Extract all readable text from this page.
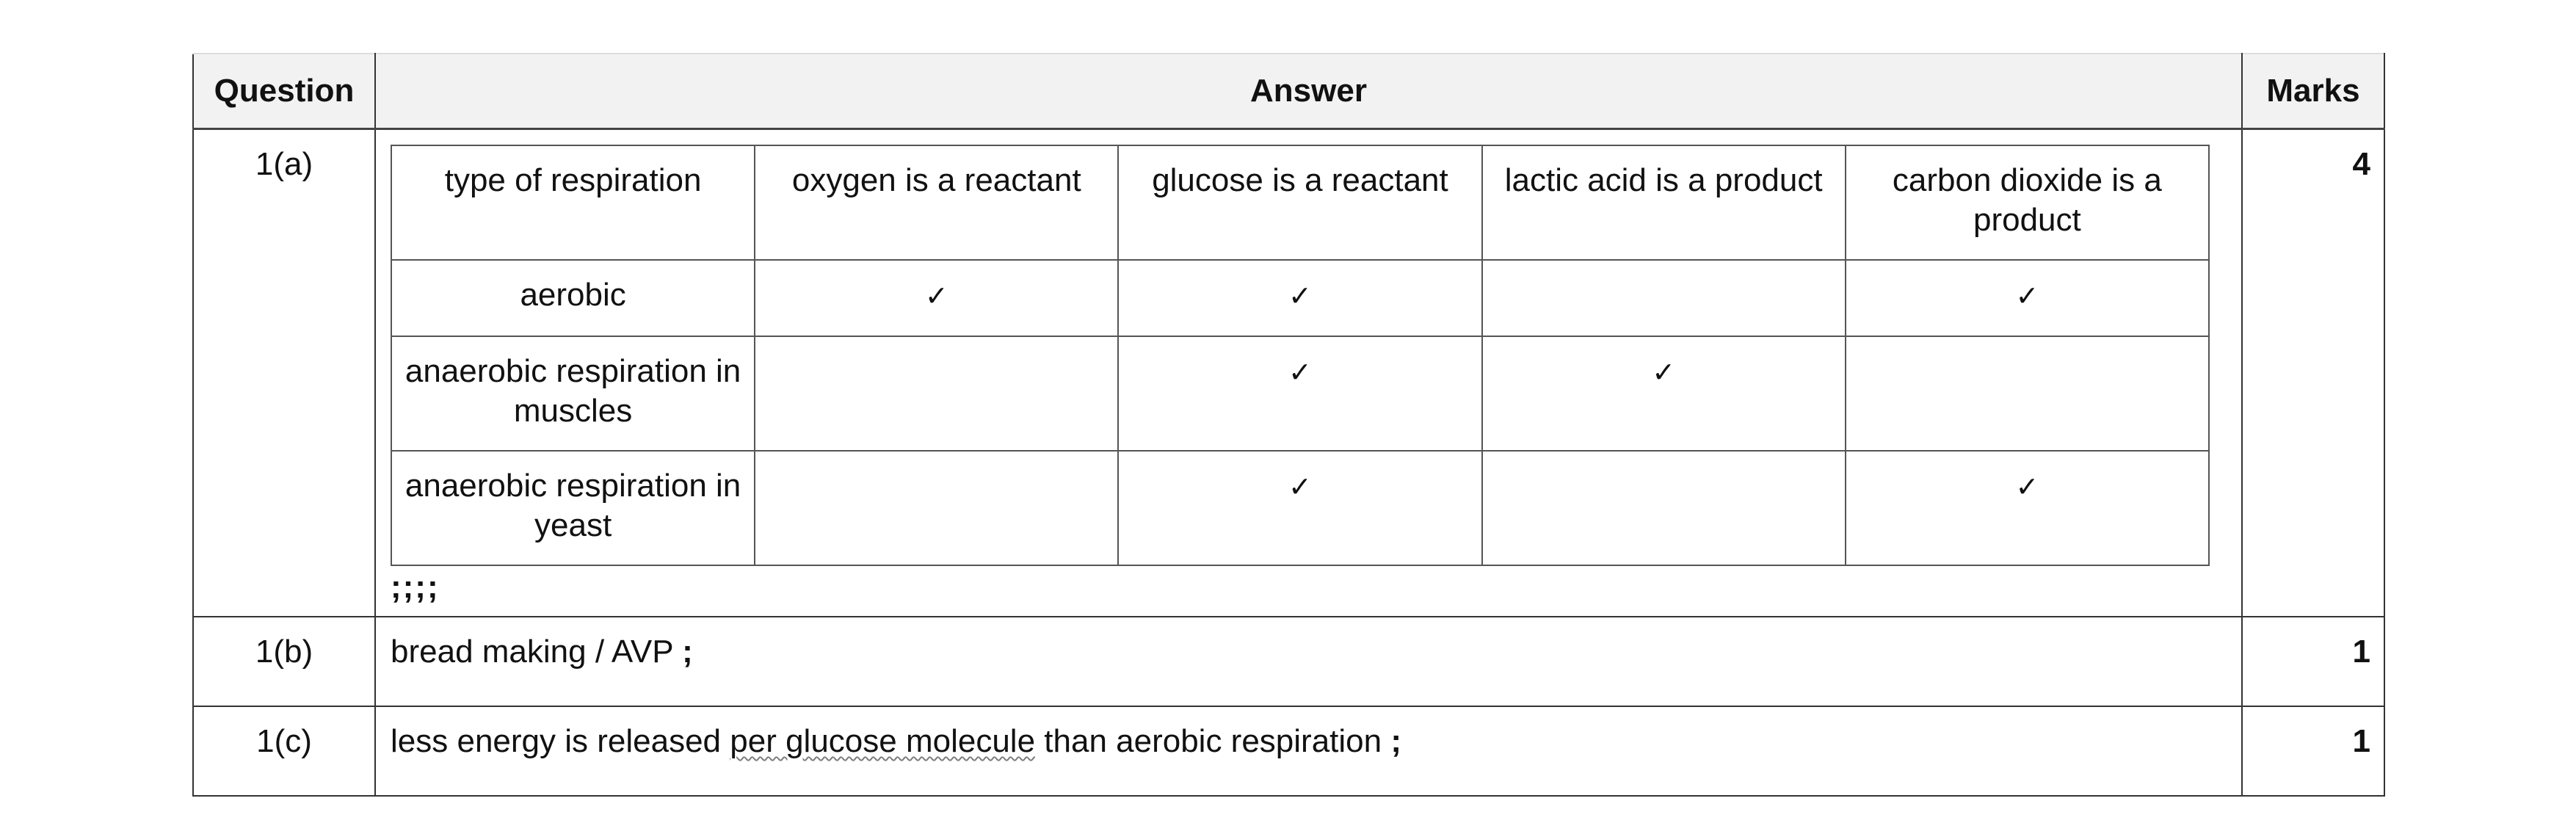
Question	Answer	Marks
1(a)		type of respiration	oxygen is a reactant	glucose is a reactant	lactic acid is a product	carbon dioxide is a product
aerobic	✓	✓		✓
anaerobic respiration in muscles		✓	✓	
anaerobic respiration in yeast		✓		✓
;;;;
	4
1(b)	bread making / AVP ;	1
1(c)	less energy is released per glucose molecule than aerobic respiration ;	1
